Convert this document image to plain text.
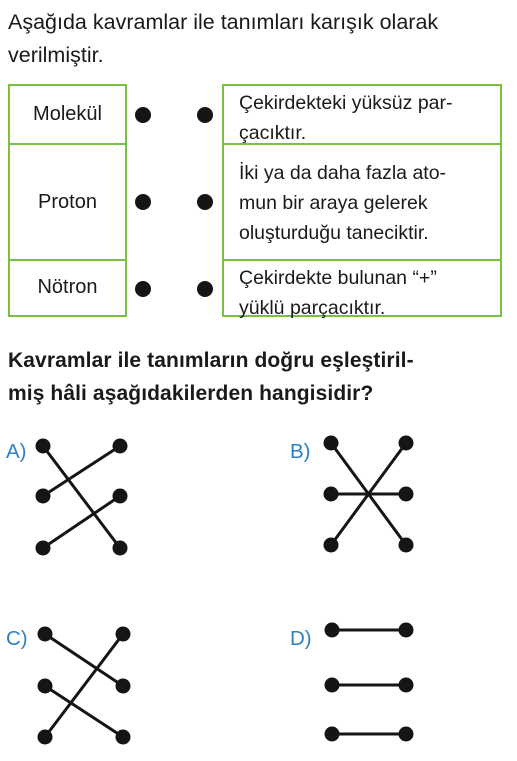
Aşağıda kavramlar ile tanımları karışık olarak verilmiştir.
Molekül
Proton
Nötron
Çekirdekteki yüksüz par-
çacıktır.
İki ya da daha fazla ato-
mun bir araya gelerek
oluşturduğu taneciktir.
Çekirdekte bulunan “+”
yüklü parçacıktır.
Kavramlar ile tanımların doğru eşleştiril-
miş hâli aşağıdakilerden hangisidir?
A)	B)
C)	D)
